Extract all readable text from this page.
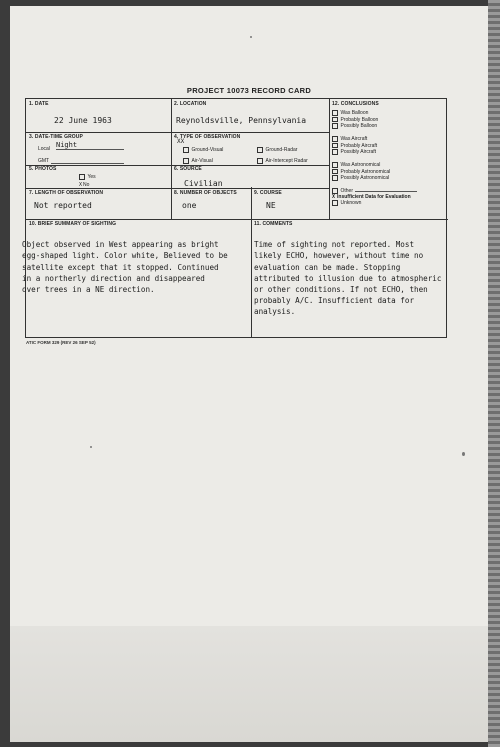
PROJECT 10073 RECORD CARD
1. DATE
22 June 1963
2. LOCATION
Reynoldsville, Pennsylvania
3. DATE-TIME GROUP
Local Night
GMT
4. TYPE OF OBSERVATION
XX
Ground-Visual	Ground-Radar
Air-Visual	Air-Intercept Radar
5. PHOTOS
Yes
XNo
6. SOURCE
Civilian
7. LENGTH OF OBSERVATION
Not reported
8. NUMBER OF OBJECTS
one
9. COURSE
NE
12. CONCLUSIONS
Was Balloon
Probably Balloon
Possibly Balloon
Was Aircraft
Probably Aircraft
Possibly Aircraft
Was Astronomical
Probably Astronomical
Possibly Astronomical
Other
X Insufficient Data for Evaluation
Unknown
10. BRIEF SUMMARY OF SIGHTING

Object observed in West appearing as bright
egg-shaped light. Color white, Believed to be
satellite except that it stopped. Continued
in a northerly direction and disappeared
over trees in a NE direction.
11. COMMENTS

Time of sighting not reported. Most
likely ECHO, however, without time no
evaluation can be made. Stopping
attributed to illusion due to atmospheric
or other conditions. If not ECHO, then
probably A/C. Insufficient data for
analysis.
ATIC FORM 329 (REV 26 SEP 52)
